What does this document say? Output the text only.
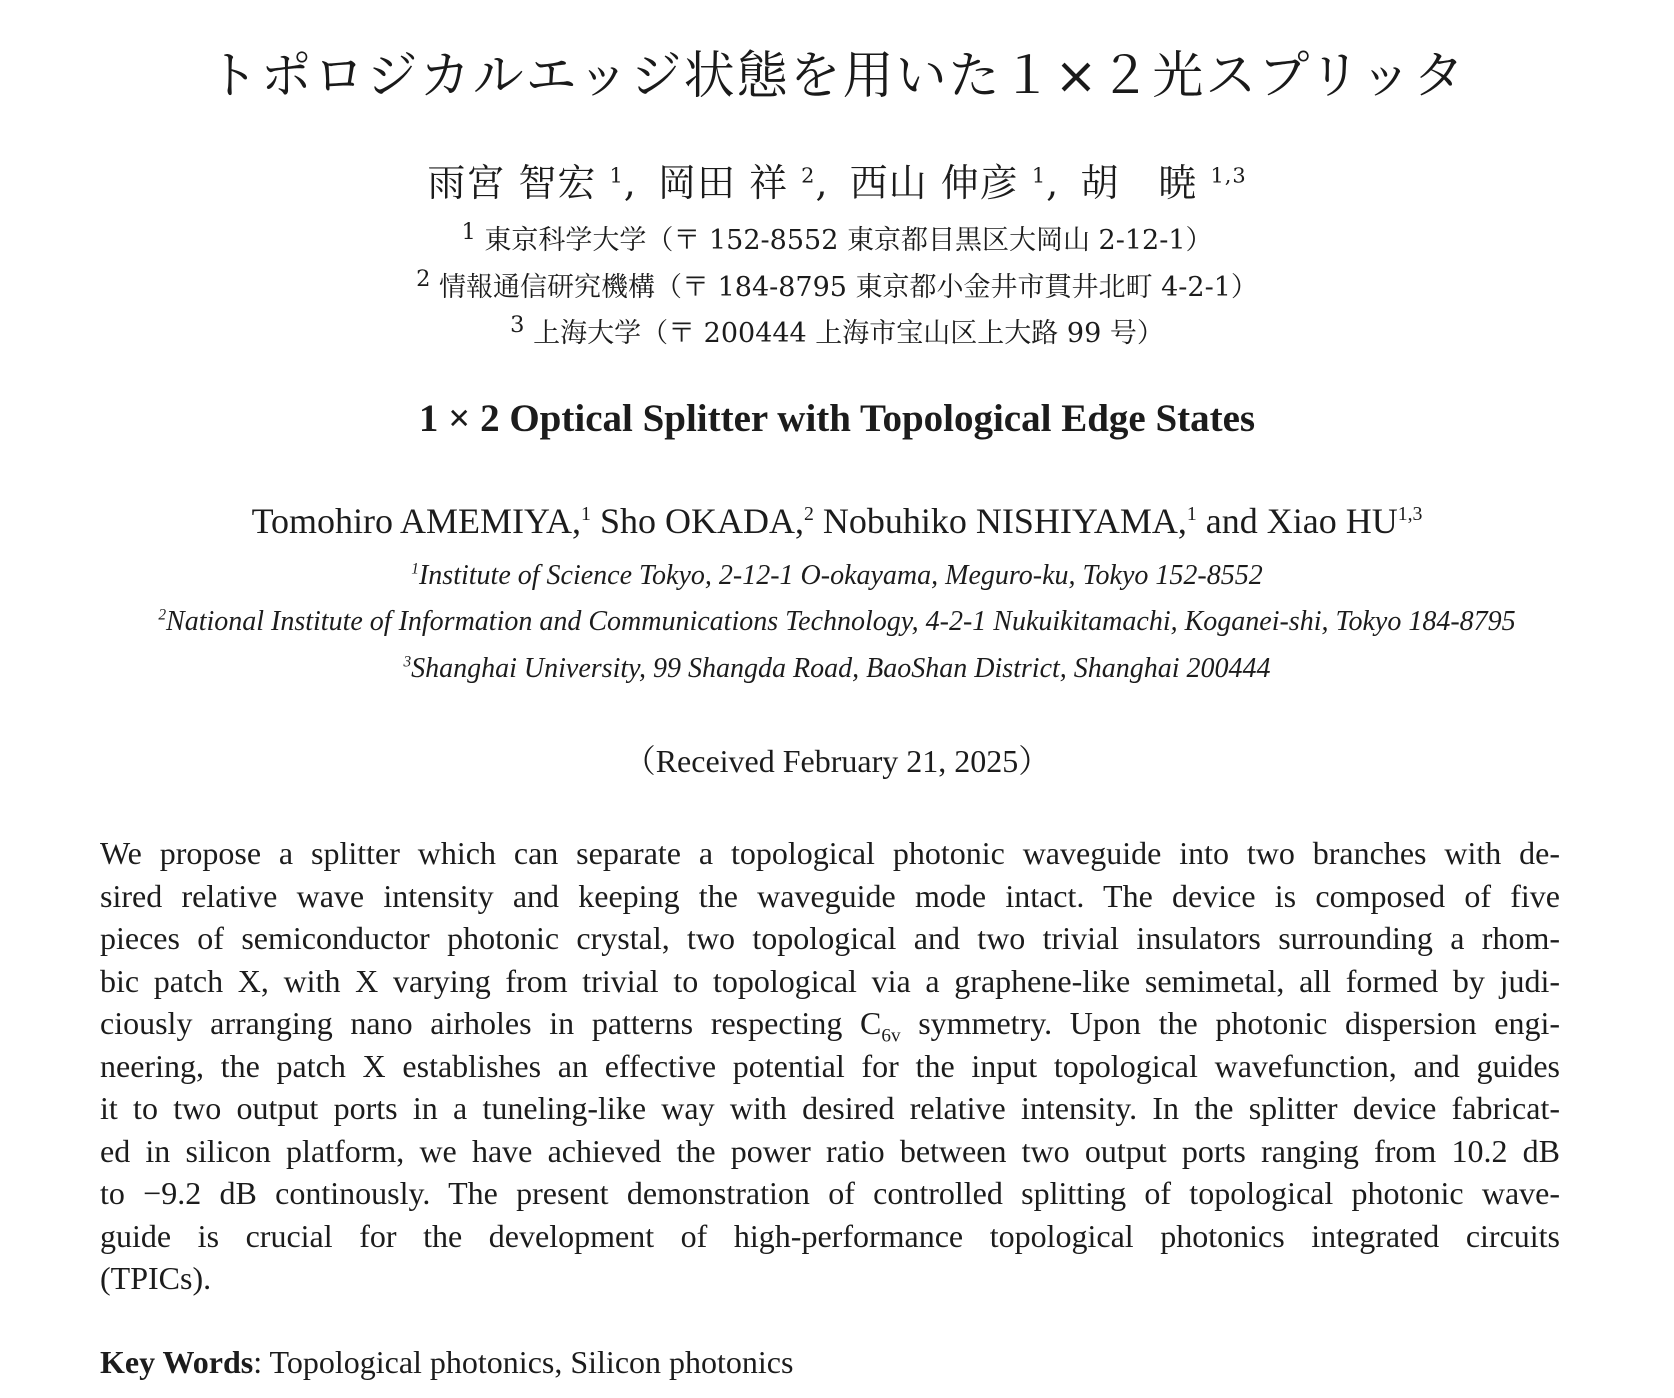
トポロジカルエッジ状態を用いた１×２光スプリッタ
雨宮 智宏 $^1$, 岡田 祥 $^2$, 西山 伸彦 $^1$, 胡　暁 $^{1,3}$
$^1$ 東京科学大学（〒 152-8552 東京都目黒区大岡山 2-12-1）
$^2$ 情報通信研究機構（〒 184-8795 東京都小金井市貫井北町 4-2-1）
$^3$ 上海大学（〒 200444 上海市宝山区上大路 99 号）
1 × 2 Optical Splitter with Topological Edge States
Tomohiro AMEMIYA,$^1$ Sho OKADA,$^2$ Nobuhiko NISHIYAMA,$^1$ and Xiao HU$^{1,3}$
$^1$Institute of Science Tokyo, 2-12-1 O-okayama, Meguro-ku, Tokyo 152-8552
$^2$National Institute of Information and Communications Technology, 4-2-1 Nukuikitamachi, Koganei-shi, Tokyo 184-8795
$^3$Shanghai University, 99 Shangda Road, BaoShan District, Shanghai 200444
（Received February 21, 2025）
We propose a splitter which can separate a topological photonic waveguide into two branches with de-
sired relative wave intensity and keeping the waveguide mode intact. The device is composed of five
pieces of semiconductor photonic crystal, two topological and two trivial insulators surrounding a rhom-
bic patch X, with X varying from trivial to topological via a graphene-like semimetal, all formed by judi-
ciously arranging nano airholes in patterns respecting $C_{6v}$ symmetry. Upon the photonic dispersion engi-
neering, the patch X establishes an effective potential for the input topological wavefunction, and guides
it to two output ports in a tuneling-like way with desired relative intensity. In the splitter device fabricat-
ed in silicon platform, we have achieved the power ratio between two output ports ranging from 10.2 dB
to −9.2 dB continously. The present demonstration of controlled splitting of topological photonic wave-
guide is crucial for the development of high-performance topological photonics integrated circuits
(TPICs).
Key Words: Topological photonics, Silicon photonics
